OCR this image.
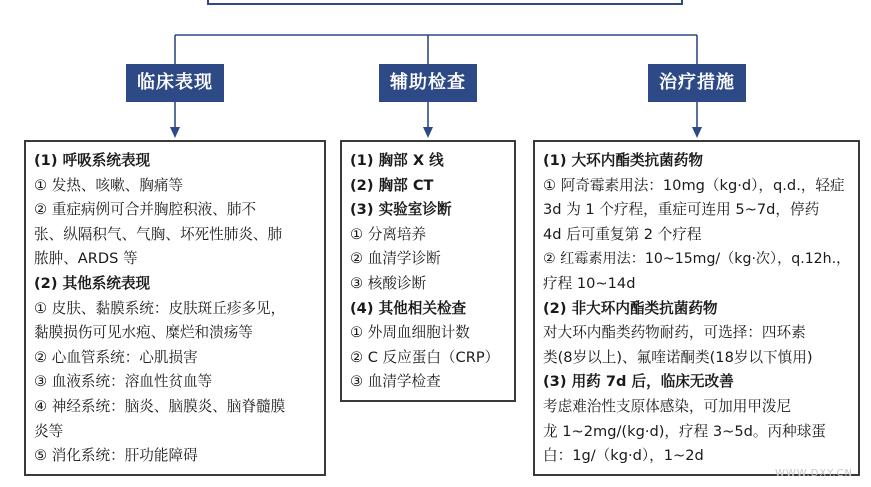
临床表现	辅助检查	治疗措施
(1) 呼吸系统表现
① 发热、咳嗽、胸痛等
② 重症病例可合并胸腔积液、肺不
张、纵隔积气、气胸、坏死性肺炎、肺
脓肿、ARDS 等
(2) 其他系统表现
① 皮肤、黏膜系统：皮肤斑丘疹多见，
黏膜损伤可见水疱、糜烂和溃疡等
② 心血管系统：心肌损害
③ 血液系统：溶血性贫血等
④ 神经系统：脑炎、脑膜炎、脑脊髓膜
炎等
⑤ 消化系统：肝功能障碍
(1) 胸部 X 线
(2) 胸部 CT
(3) 实验室诊断
① 分离培养
② 血清学诊断
③ 核酸诊断
(4) 其他相关检查
① 外周血细胞计数
② C 反应蛋白（CRP）
③ 血清学检查
(1) 大环内酯类抗菌药物
① 阿奇霉素用法：10mg（kg·d），q.d.，轻症
3d 为 1 个疗程，重症可连用 5~7d，停药
4d 后可重复第 2 个疗程
② 红霉素用法：10~15mg/（kg·次），q.12h.，
疗程 10~14d
(2) 非大环内酯类抗菌药物
对大环内酯类药物耐药，可选择：四环素
类(8岁以上)、氟喹诺酮类(18岁以下慎用)
(3) 用药 7d 后，临床无改善
考虑难治性支原体感染，可加用甲泼尼
龙 1~2mg/(kg·d)，疗程 3~5d。丙种球蛋
白：1g/（kg·d），1~2d
WWW.DXY.CN
